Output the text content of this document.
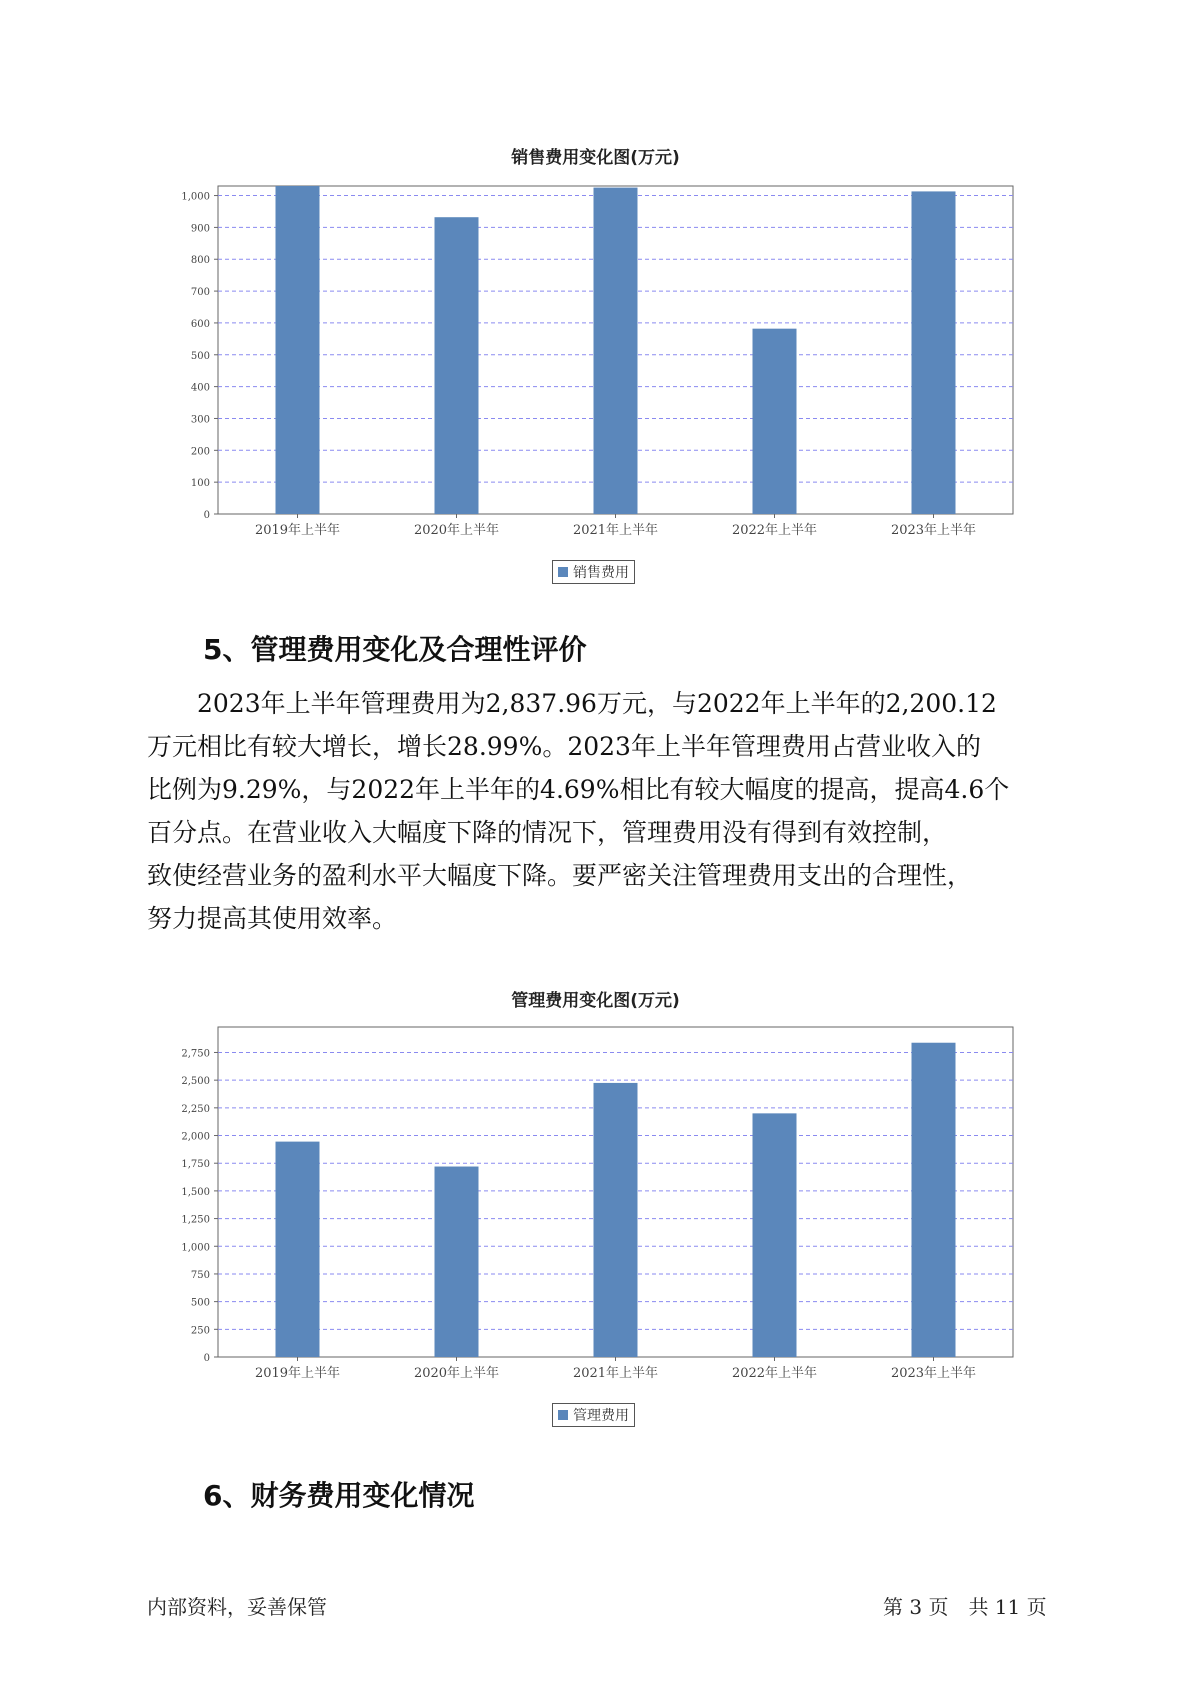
销售费用变化图(万元)
0
100
200
300
400
500
600
700
800
900
1,000
2019年上半年	2020年上半年	2021年上半年	2022年上半年	2023年上半年
销售费用
5、管理费用变化及合理性评价
2023年上半年管理费用为2,837.96万元，与2022年上半年的2,200.12
万元相比有较大增长，增长28.99%。2023年上半年管理费用占营业收入的
比例为9.29%，与2022年上半年的4.69%相比有较大幅度的提高，提高4.6个
百分点。在营业收入大幅度下降的情况下，管理费用没有得到有效控制，
致使经营业务的盈利水平大幅度下降。要严密关注管理费用支出的合理性，
努力提高其使用效率。
管理费用变化图(万元)
0
250
500
750
1,000
1,250
1,500
1,750
2,000
2,250
2,500
2,750
2019年上半年	2020年上半年	2021年上半年	2022年上半年	2023年上半年
管理费用
6、财务费用变化情况
内部资料，妥善保管	第 3 页　共 11 页
